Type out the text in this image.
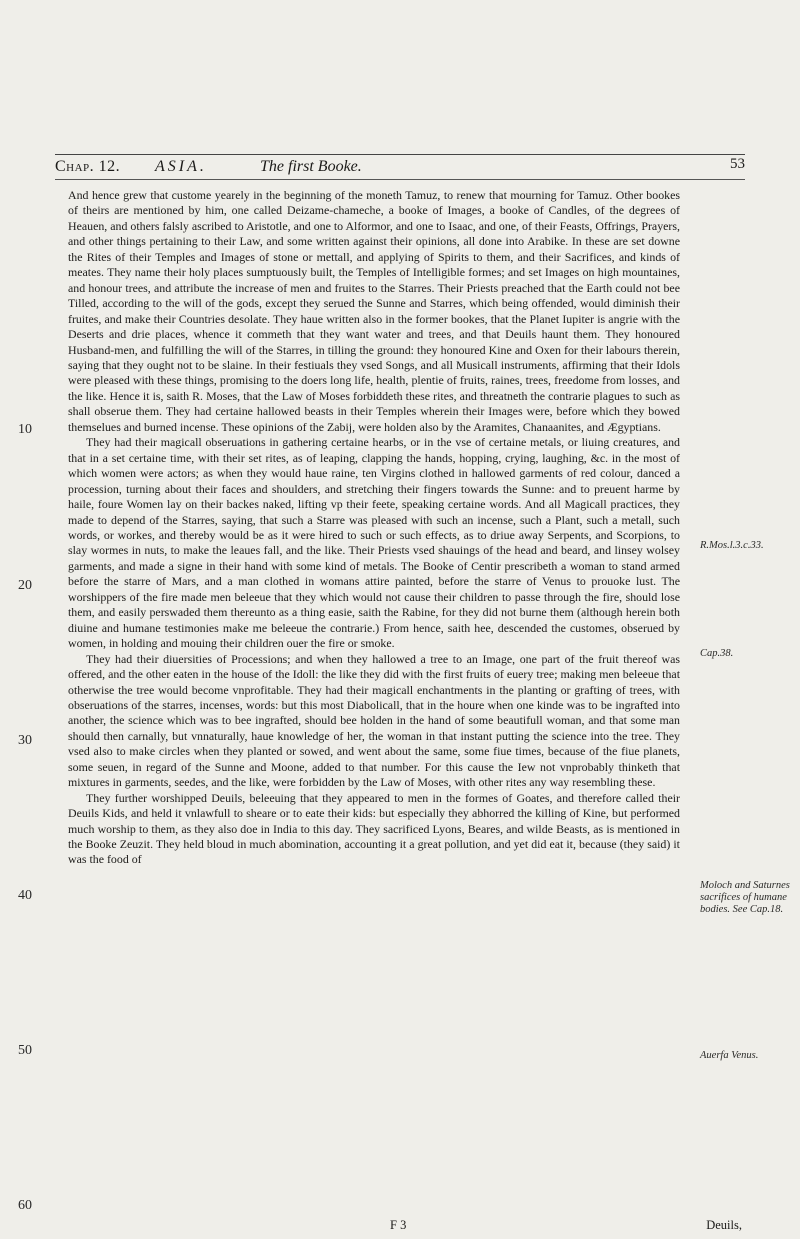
Chap. 12. ASIA.	The first Booke.	53
10
20
30
40
50
60

And hence grew that custome yearely in the beginning of the moneth Tamuz, to renew that mourning for Tamuz. Other bookes of theirs are mentioned by him, one called Deizame-chameche, a booke of Images, a booke of Candles, of the degrees of Heauen, and others falsly ascribed to Aristotle, and one to Alformor, and one to Isaac, and one, of their Feasts, Offrings, Prayers, and other things pertaining to their Law, and some written against their opinions, all done into Arabike. In these are set downe the Rites of their Temples and Images of stone or mettall, and applying of Spirits to them, and their Sacrifices, and kinds of meates. They name their holy places sumptuously built, the Temples of Intelligible formes; and set Images on high mountaines, and honour trees, and attribute the increase of men and fruites to the Starres. Their Priests preached that the Earth could not bee Tilled, according to the will of the gods, except they serued the Sunne and Starres, which being offended, would diminish their fruites, and make their Countries desolate. They haue written also in the former bookes, that the Planet Iupiter is angrie with the Deserts and drie places, whence it commeth that they want water and trees, and that Deuils haunt them. They honoured Husband-men, and fulfilling the will of the Starres, in tilling the ground: they honoured Kine and Oxen for their labours therein, saying that they ought not to be slaine. In their festiuals they vsed Songs, and all Musicall instruments, affirming that their Idols were pleased with these things, promising to the doers long life, health, plentie of fruits, raines, trees, freedome from losses, and the like. Hence it is, saith R. Moses, that the Law of Moses forbiddeth these rites, and threatneth the contrarie plagues to such as shall obserue them. They had certaine hallowed beasts in their Temples wherein their Images were, before which they bowed themselues and burned incense. These opinions of the Zabij, were holden also by the Aramites, Chanaanites, and Ægyptians.

They had their magicall obseruations in gathering certaine hearbs, or in the vse of certaine metals, or liuing creatures, and that in a set certaine time, with their set rites, as of leaping, clapping the hands, hopping, crying, laughing, &c. in the most of which women were actors; as when they would haue raine, ten Virgins clothed in hallowed garments of red colour, danced a procession, turning about their faces and shoulders, and stretching their fingers towards the Sunne: and to preuent harme by haile, foure Women lay on their backes naked, lifting vp their feete, speaking certaine words. And all Magicall practices, they made to depend of the Starres, saying, that such a Starre was pleased with such an incense, such a Plant, such a metall, such words, or workes, and thereby would be as it were hired to such or such effects, as to driue away Serpents, and Scorpions, to slay wormes in nuts, to make the leaues fall, and the like. Their Priests vsed shauings of the head and beard, and linsey wolsey garments, and made a signe in their hand with some kind of metals. The Booke of Centir prescribeth a woman to stand armed before the starre of Mars, and a man clothed in womans attire painted, before the starre of Venus to prouoke lust. The worshippers of the fire made men beleeue that they which would not cause their children to passe through the fire, should lose them, and easily perswaded them thereunto as a thing easie, saith the Rabine, for they did not burne them (although herein both diuine and humane testimonies make me beleeue the contrarie.) From hence, saith hee, descended the customes, obserued by women, in holding and mouing their children ouer the fire or smoke.

They had their diuersities of Processions; and when they hallowed a tree to an Image, one part of the fruit thereof was offered, and the other eaten in the house of the Idoll: the like they did with the first fruits of euery tree; making men beleeue that otherwise the tree would become vnprofitable. They had their magicall enchantments in the planting or grafting of trees, with obseruations of the starres, incenses, words: but this most Diabolicall, that in the houre when one kinde was to be ingrafted into another, the science which was to bee ingrafted, should bee holden in the hand of some beautifull woman, and that some man should then carnally, but vnnaturally, haue knowledge of her, the woman in that instant putting the science into the tree. They vsed also to make circles when they planted or sowed, and went about the same, some fiue times, because of the fiue planets, some seuen, in regard of the Sunne and Moone, added to that number. For this cause the Iew not vnprobably thinketh that mixtures in garments, seedes, and the like, were forbidden by the Law of Moses, with other rites any way resembling these.

They further worshipped Deuils, beleeuing that they appeared to men in the formes of Goates, and therefore called their Deuils Kids, and held it vnlawfull to sheare or to eate their kids: but especially they abhorred the killing of Kine, but performed much worship to them, as they also doe in India to this day. They sacrificed Lyons, Beares, and wilde Beasts, as is mentioned in the Booke Zeuzit. They held bloud in much abomination, accounting it a great pollution, and yet did eat it, because (they said) it was the food of

R.Mos.l.3.c.33.
Cap.38.
Moloch and Saturnes sacrifices of humane bodies. See Cap.18.
Auerfa Venus.
F 3	Deuils,
